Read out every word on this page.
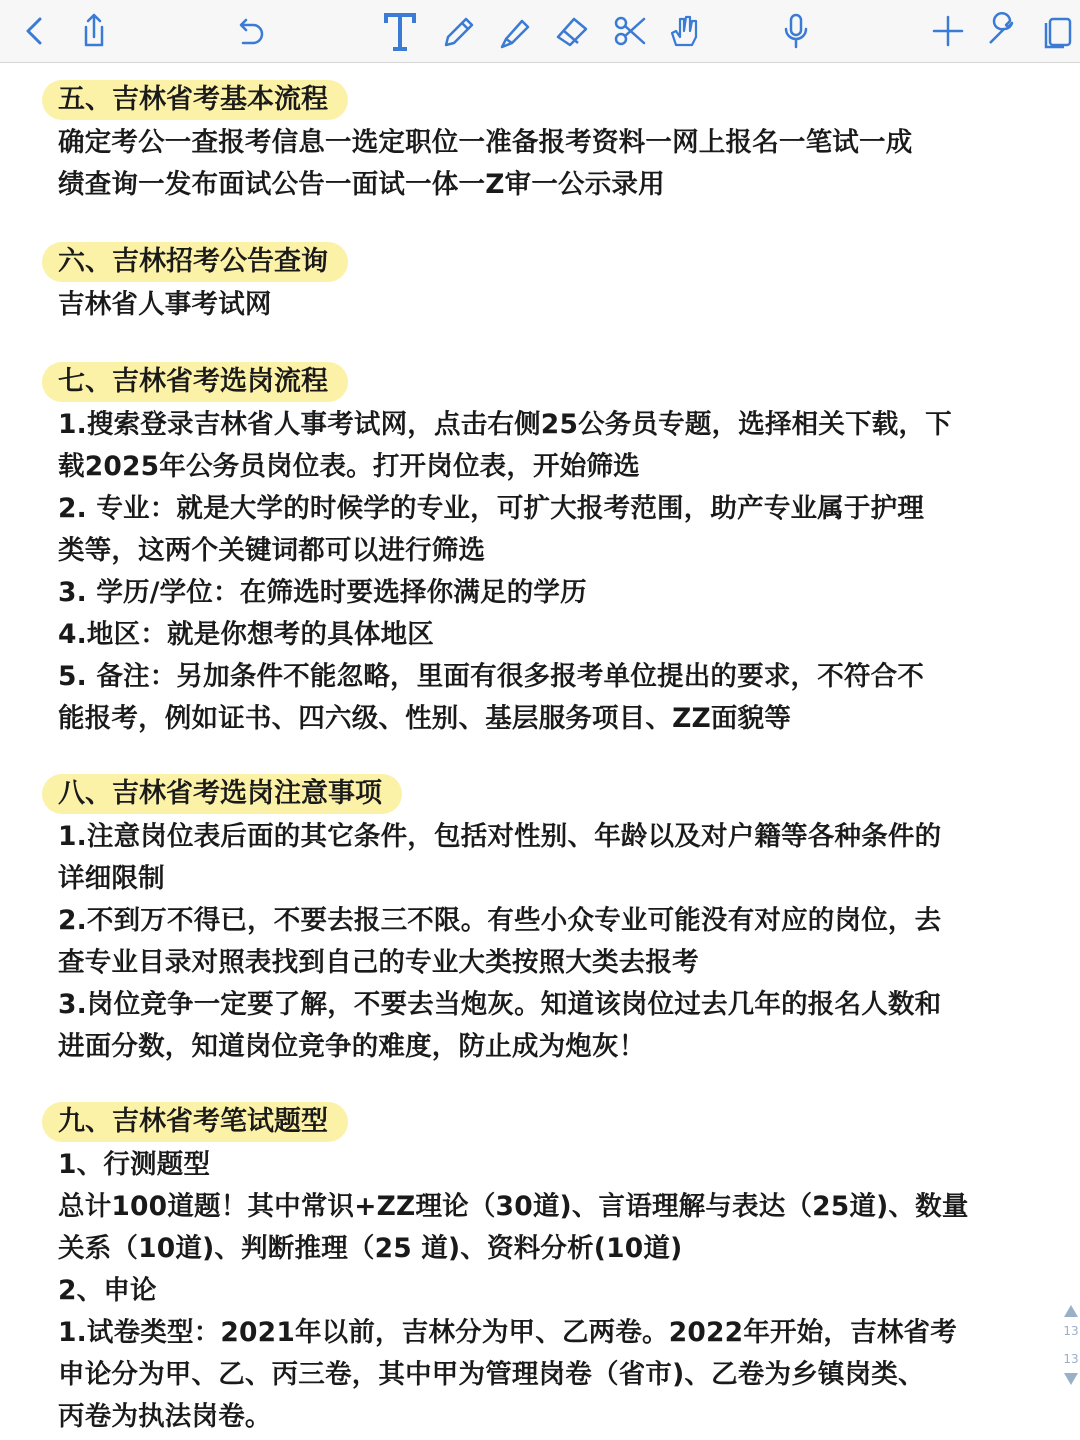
五、吉林省考基本流程
确定考公一查报考信息一选定职位一准备报考资料一网上报名一笔试一成
绩查询一发布面试公告一面试一体一Z审一公示录用
六、吉林招考公告查询
吉林省人事考试网
七、吉林省考选岗流程
1.搜索登录吉林省人事考试网，点击右侧25公务员专题，选择相关下载，下
载2025年公务员岗位表。打开岗位表，开始筛选
2. 专业：就是大学的时候学的专业，可扩大报考范围，助产专业属于护理
类等，这两个关键词都可以进行筛选
3. 学历/学位：在筛选时要选择你满足的学历
4.地区：就是你想考的具体地区
5. 备注：另加条件不能忽略，里面有很多报考单位提出的要求，不符合不
能报考，例如证书、四六级、性别、基层服务项目、ZZ面貌等
八、吉林省考选岗注意事项
1.注意岗位表后面的其它条件，包括对性别、年龄以及对户籍等各种条件的
详细限制
2.不到万不得已，不要去报三不限。有些小众专业可能没有对应的岗位，去
查专业目录对照表找到自己的专业大类按照大类去报考
3.岗位竞争一定要了解，不要去当炮灰。知道该岗位过去几年的报名人数和
进面分数，知道岗位竞争的难度，防止成为炮灰！
九、吉林省考笔试题型
1、行测题型
总计100道题！其中常识+ZZ理论（30道)、言语理解与表达（25道)、数量
关系（10道)、判断推理（25 道)、资料分析(10道)
2、申论
1.试卷类型：2021年以前，吉林分为甲、乙两卷。2022年开始，吉林省考
申论分为甲、乙、丙三卷，其中甲为管理岗卷（省市)、乙卷为乡镇岗类、
丙卷为执法岗卷。
13
13
